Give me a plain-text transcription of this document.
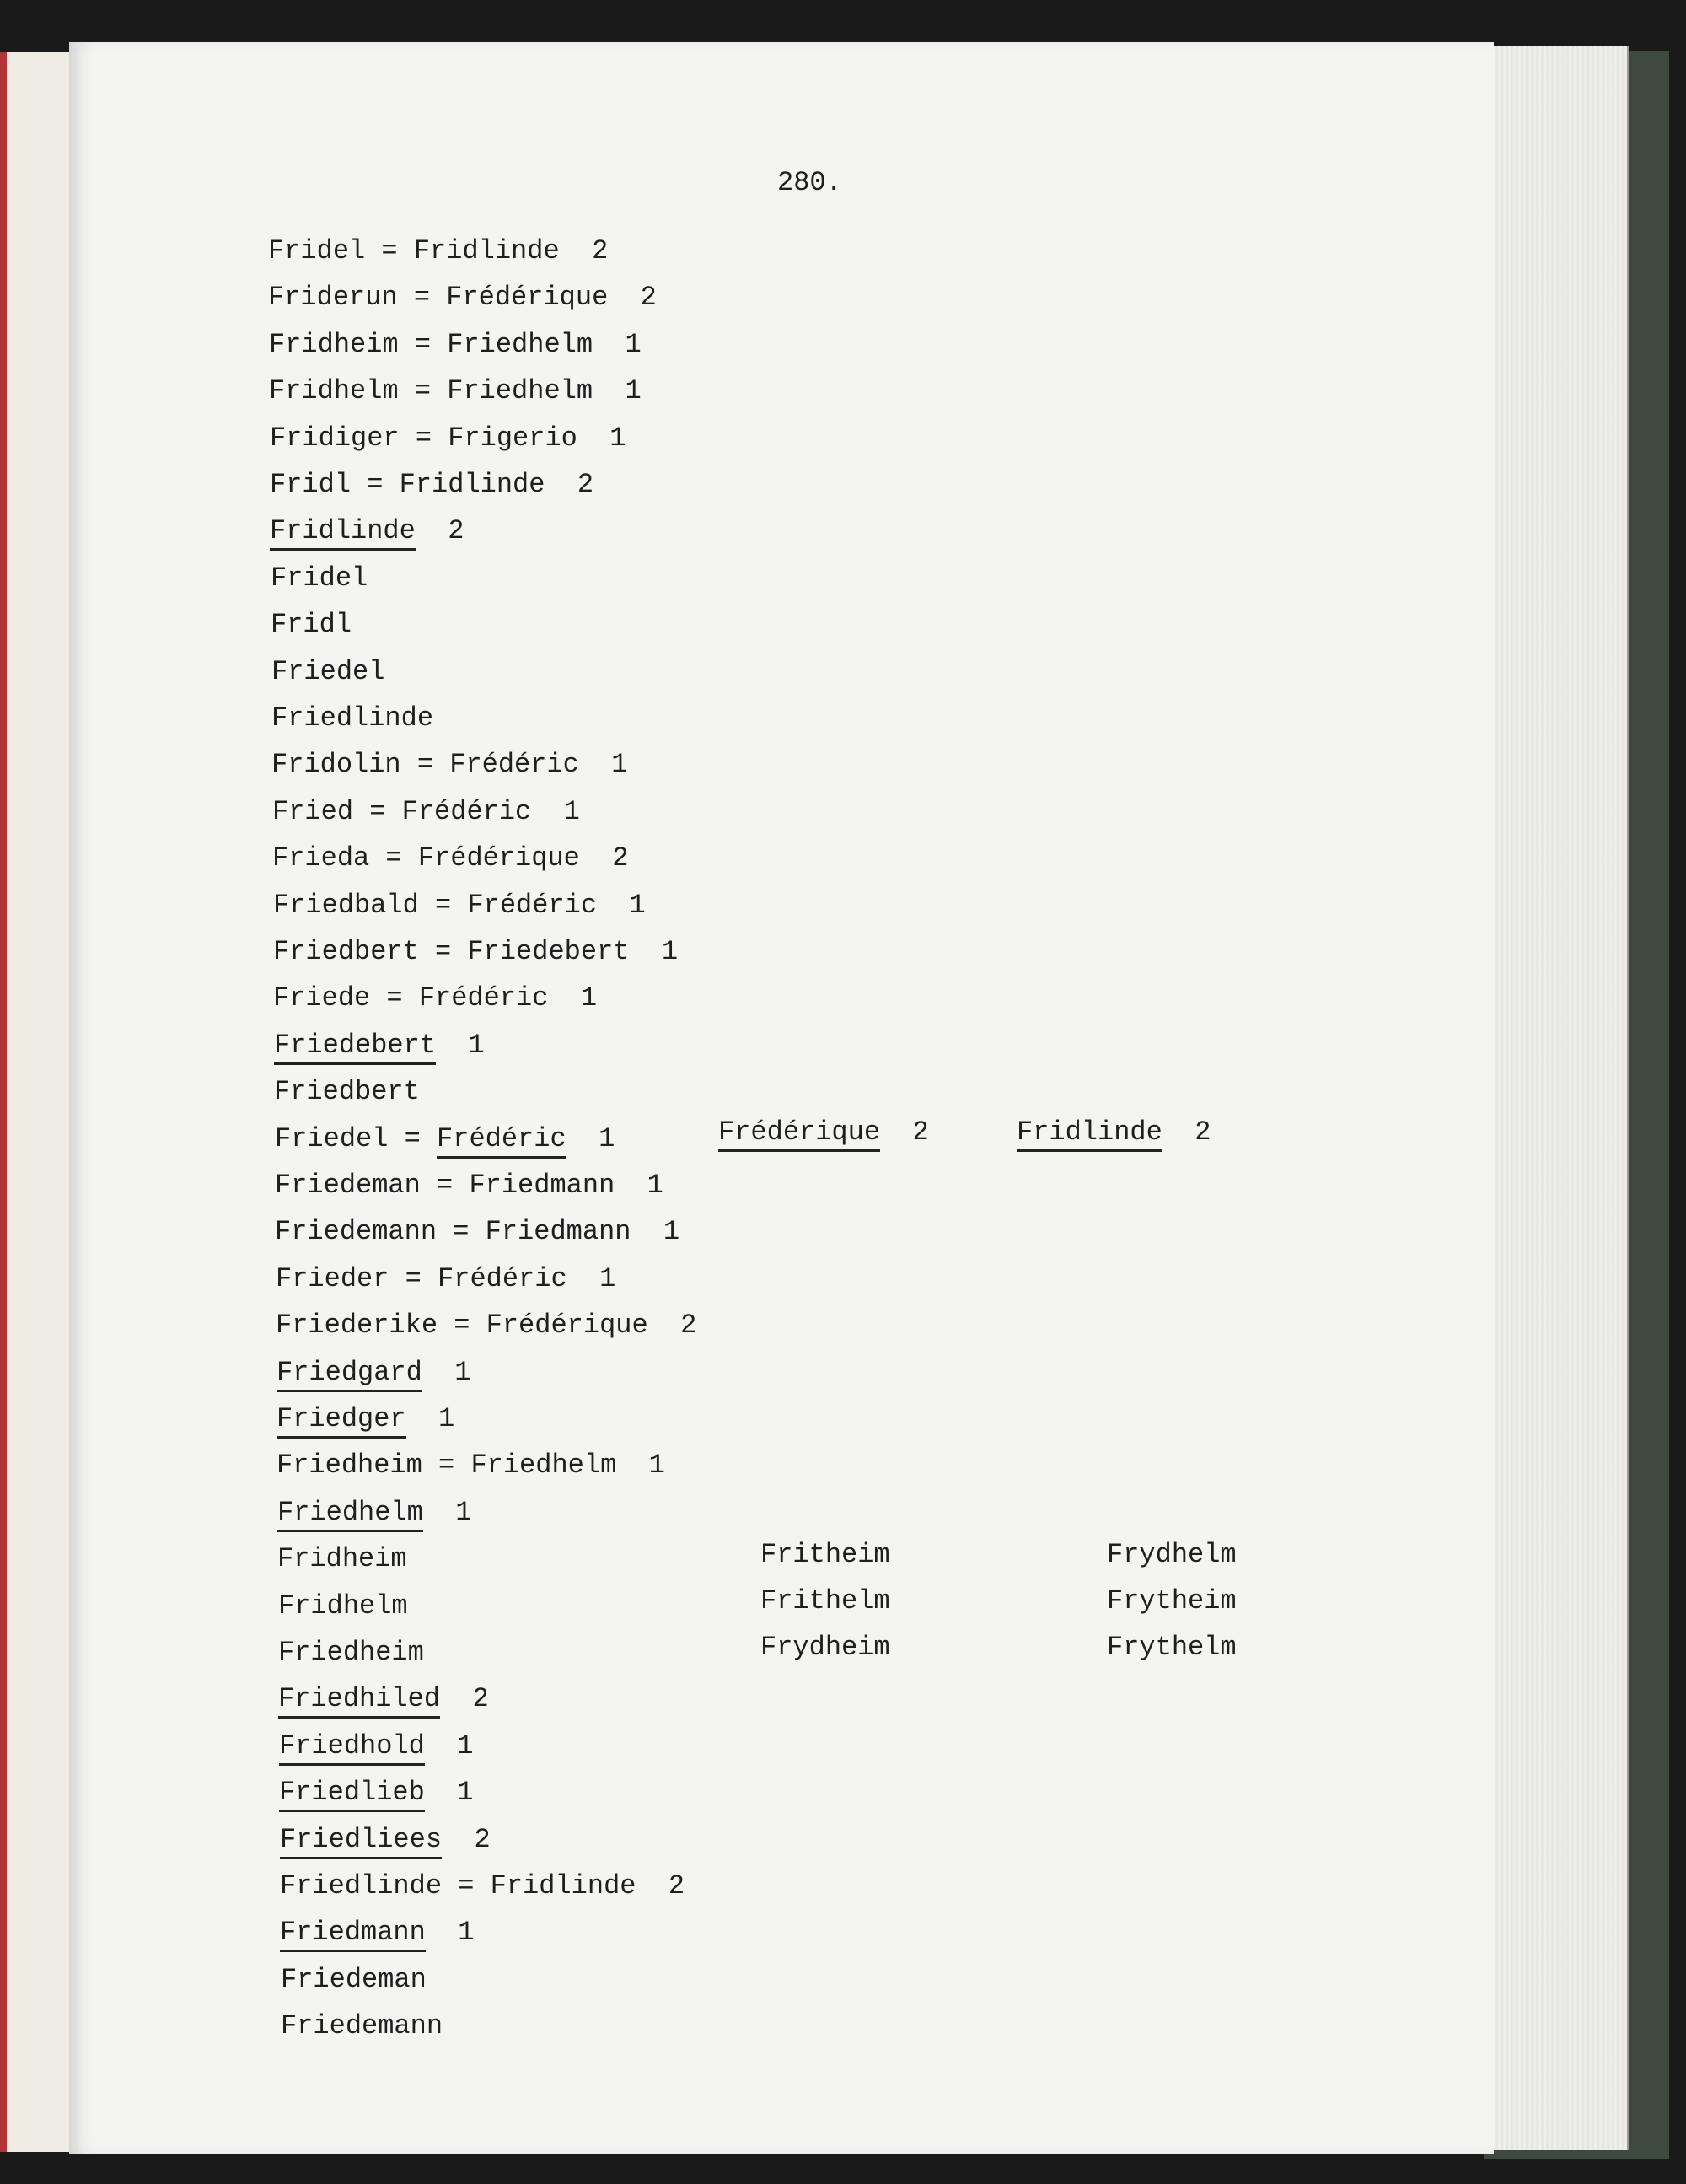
280.
Fridel = Fridlinde  2
Friderun = Frédérique  2
Fridheim = Friedhelm  1
Fridhelm = Friedhelm  1
Fridiger = Frigerio  1
Fridl = Fridlinde  2
Fridlinde  2
Fridel
Fridl
Friedel
Friedlinde
Fridolin = Frédéric  1
Fried = Frédéric  1
Frieda = Frédérique  2
Friedbald = Frédéric  1
Friedbert = Friedebert  1
Friede = Frédéric  1
Friedebert  1
Friedbert
Friedel = Frédéric  1
Friedeman = Friedmann  1
Friedemann = Friedmann  1
Frieder = Frédéric  1
Friederike = Frédérique  2
Friedgard  1
Friedger  1
Friedheim = Friedhelm  1
Friedhelm  1
Fridheim
Fridhelm
Friedheim
Friedhiled  2
Friedhold  1
Friedlieb  1
Friedliees  2
Friedlinde = Fridlinde  2
Friedmann  1
Friedeman
Friedemann
Frédérique  2	Fridlinde  2
Fritheim
Frithelm
Frydheim
Frydhelm
Frytheim
Frythelm
